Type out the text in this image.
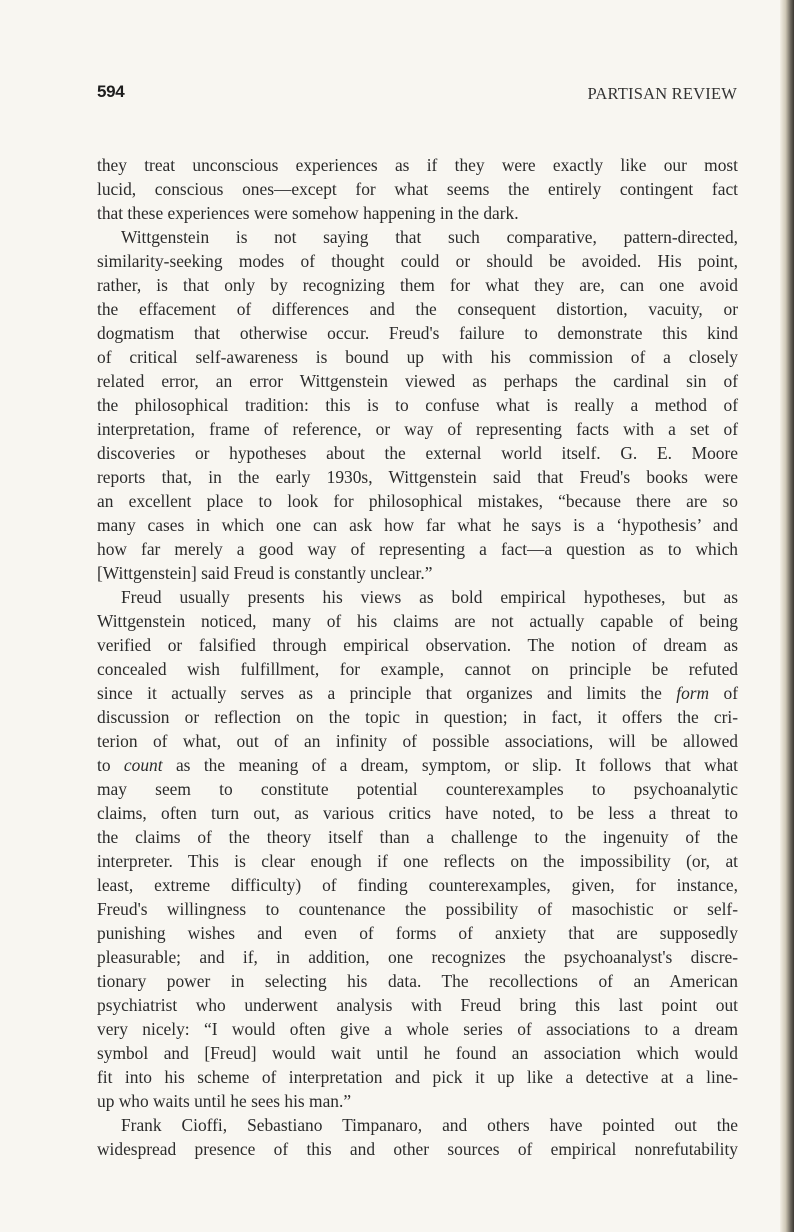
594	PARTISAN REVIEW
they treat unconscious experiences as if they were exactly like our most
lucid, conscious ones—except for what seems the entirely contingent fact
that these experiences were somehow happening in the dark.
Wittgenstein is not saying that such comparative, pattern-directed,
similarity-seeking modes of thought could or should be avoided. His point,
rather, is that only by recognizing them for what they are, can one avoid
the effacement of differences and the consequent distortion, vacuity, or
dogmatism that otherwise occur. Freud's failure to demonstrate this kind
of critical self-awareness is bound up with his commission of a closely
related error, an error Wittgenstein viewed as perhaps the cardinal sin of
the philosophical tradition: this is to confuse what is really a method of
interpretation, frame of reference, or way of representing facts with a set of
discoveries or hypotheses about the external world itself. G. E. Moore
reports that, in the early 1930s, Wittgenstein said that Freud's books were
an excellent place to look for philosophical mistakes, “because there are so
many cases in which one can ask how far what he says is a ‘hypothesis’ and
how far merely a good way of representing a fact—a question as to which
[Wittgenstein] said Freud is constantly unclear.”
Freud usually presents his views as bold empirical hypotheses, but as
Wittgenstein noticed, many of his claims are not actually capable of being
verified or falsified through empirical observation. The notion of dream as
concealed wish fulfillment, for example, cannot on principle be refuted
since it actually serves as a principle that organizes and limits the form of
discussion or reflection on the topic in question; in fact, it offers the cri-
terion of what, out of an infinity of possible associations, will be allowed
to count as the meaning of a dream, symptom, or slip. It follows that what
may seem to constitute potential counterexamples to psychoanalytic
claims, often turn out, as various critics have noted, to be less a threat to
the claims of the theory itself than a challenge to the ingenuity of the
interpreter. This is clear enough if one reflects on the impossibility (or, at
least, extreme difficulty) of finding counterexamples, given, for instance,
Freud's willingness to countenance the possibility of masochistic or self-
punishing wishes and even of forms of anxiety that are supposedly
pleasurable; and if, in addition, one recognizes the psychoanalyst's discre-
tionary power in selecting his data. The recollections of an American
psychiatrist who underwent analysis with Freud bring this last point out
very nicely: “I would often give a whole series of associations to a dream
symbol and [Freud] would wait until he found an association which would
fit into his scheme of interpretation and pick it up like a detective at a line-
up who waits until he sees his man.”
Frank Cioffi, Sebastiano Timpanaro, and others have pointed out the
widespread presence of this and other sources of empirical nonrefutability
